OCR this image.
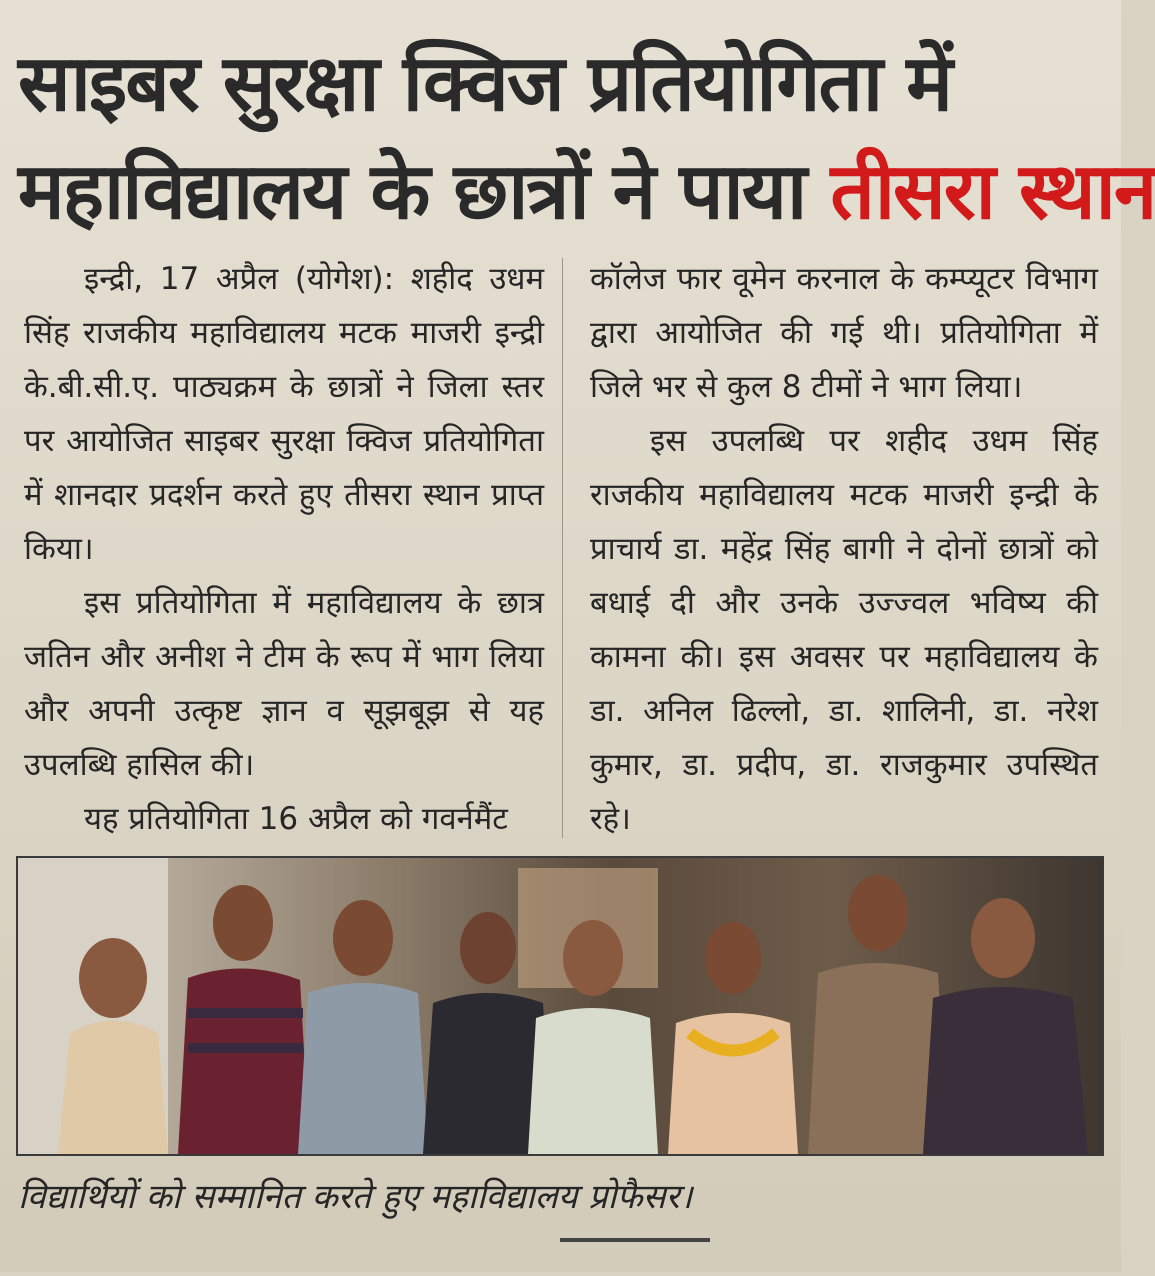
साइबर सुरक्षा क्विज प्रतियोगिता में
महाविद्यालय के छात्रों ने पाया तीसरा स्थान

इन्द्री, 17 अप्रैल (योगेश): शहीद उधम सिंह राजकीय महाविद्यालय मटक माजरी इन्द्री के.बी.सी.ए. पाठ्यक्रम के छात्रों ने जिला स्तर पर आयोजित साइबर सुरक्षा क्विज प्रतियोगिता में शानदार प्रदर्शन करते हुए तीसरा स्थान प्राप्त किया।

इस प्रतियोगिता में महाविद्यालय के छात्र जतिन और अनीश ने टीम के रूप में भाग लिया और अपनी उत्कृष्ट ज्ञान व सूझबूझ से यह उपलब्धि हासिल की।

यह प्रतियोगिता 16 अप्रैल को गवर्नमैंट

कॉलेज फार वूमेन करनाल के कम्प्यूटर विभाग द्वारा आयोजित की गई थी। प्रतियोगिता में जिले भर से कुल 8 टीमों ने भाग लिया।

इस उपलब्धि पर शहीद उधम सिंह राजकीय महाविद्यालय मटक माजरी इन्द्री के प्राचार्य डा. महेंद्र सिंह बागी ने दोनों छात्रों को बधाई दी और उनके उज्ज्वल भविष्य की कामना की। इस अवसर पर महाविद्यालय के डा. अनिल ढिल्लो, डा. शालिनी, डा. नरेश कुमार, डा. प्रदीप, डा. राजकुमार उपस्थित रहे।

विद्यार्थियों को सम्मानित करते हुए महाविद्यालय प्रोफैसर।
